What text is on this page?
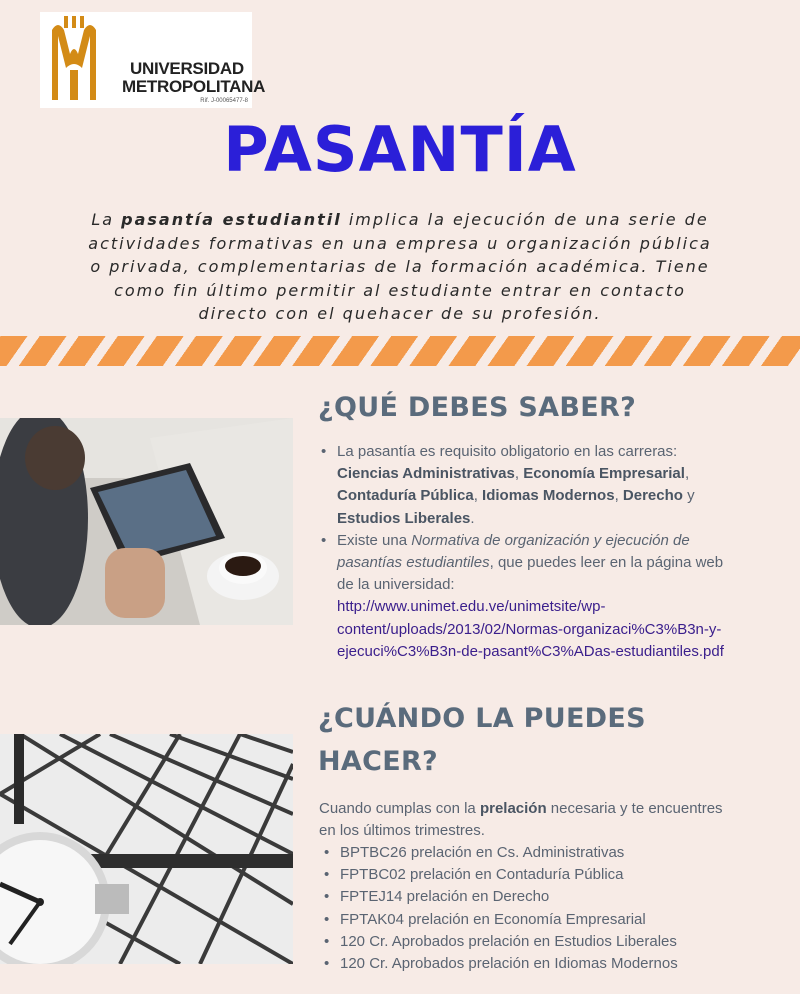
UNIVERSIDAD
METROPOLITANA
Rif. J-00065477-8
PASANTÍA

La pasantía estudiantil implica la ejecución de una serie de actividades formativas en una empresa u organización pública o privada, complementarias de la formación académica. Tiene como fin último permitir al estudiante entrar en contacto directo con el quehacer de su profesión.

¿QUÉ DEBES SABER?
• La pasantía es requisito obligatorio en las carreras: Ciencias Administrativas, Economía Empresarial, Contaduría Pública, Idiomas Modernos, Derecho y Estudios Liberales.
• Existe una Normativa de organización y ejecución de pasantías estudiantiles, que puedes leer en la página web de la universidad:
http://www.unimet.edu.ve/unimetsite/wp-content/uploads/2013/02/Normas-organizaci%C3%B3n-y-ejecuci%C3%B3n-de-pasant%C3%ADas-estudiantiles.pdf
¿CUÁNDO LA PUEDES HACER?

Cuando cumplas con la prelación necesaria y te encuentres en los últimos trimestres.

• BPTBC26 prelación en Cs. Administrativas
• FPTBC02 prelación en Contaduría Pública
• FPTEJ14 prelación en Derecho
• FPTAK04 prelación en Economía Empresarial
• 120 Cr. Aprobados prelación en Estudios Liberales
• 120 Cr. Aprobados prelación en Idiomas Modernos
